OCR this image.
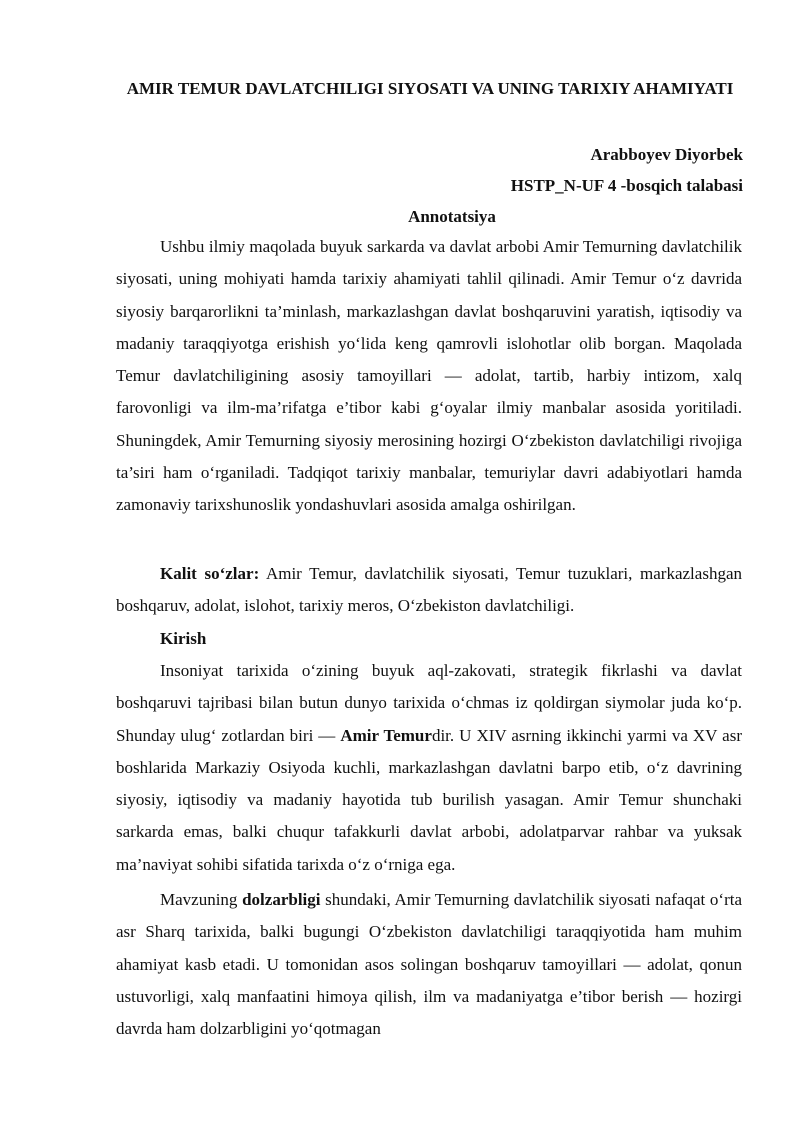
AMIR TEMUR DAVLATCHILIGI SIYOSATI VA UNING TARIXIY AHAMIYATI

Arabboyev Diyorbek

HSTP_N-UF 4 -bosqich talabasi

Annotatsiya

Ushbu ilmiy maqolada buyuk sarkarda va davlat arbobi Amir Temurning davlatchilik siyosati, uning mohiyati hamda tarixiy ahamiyati tahlil qilinadi. Amir Temur o‘z davrida siyosiy barqarorlikni ta’minlash, markazlashgan davlat boshqaruvini yaratish, iqtisodiy va madaniy taraqqiyotga erishish yo‘lida keng qamrovli islohotlar olib borgan. Maqolada Temur davlatchiligining asosiy tamoyillari — adolat, tartib, harbiy intizom, xalq farovonligi va ilm-ma’rifatga e’tibor kabi g‘oyalar ilmiy manbalar asosida yoritiladi. Shuningdek, Amir Temurning siyosiy merosining hozirgi O‘zbekiston davlatchiligi rivojiga ta’siri ham o‘rganiladi. Tadqiqot tarixiy manbalar, temuriylar davri adabiyotlari hamda zamonaviy tarixshunoslik yondashuvlari asosida amalga oshirilgan.

Kalit so‘zlar: Amir Temur, davlatchilik siyosati, Temur tuzuklari, markazlashgan boshqaruv, adolat, islohot, tarixiy meros, O‘zbekiston davlatchiligi.

Kirish

Insoniyat tarixida o‘zining buyuk aql-zakovati, strategik fikrlashi va davlat boshqaruvi tajribasi bilan butun dunyo tarixida o‘chmas iz qoldirgan siymolar juda ko‘p. Shunday ulug‘ zotlardan biri — Amir Temurdir. U XIV asrning ikkinchi yarmi va XV asr boshlarida Markaziy Osiyoda kuchli, markazlashgan davlatni barpo etib, o‘z davrining siyosiy, iqtisodiy va madaniy hayotida tub burilish yasagan. Amir Temur shunchaki sarkarda emas, balki chuqur tafakkurli davlat arbobi, adolatparvar rahbar va yuksak ma’naviyat sohibi sifatida tarixda o‘z o‘rniga ega.

Mavzuning dolzarbligi shundaki, Amir Temurning davlatchilik siyosati nafaqat o‘rta asr Sharq tarixida, balki bugungi O‘zbekiston davlatchiligi taraqqiyotida ham muhim ahamiyat kasb etadi. U tomonidan asos solingan boshqaruv tamoyillari — adolat, qonun ustuvorligi, xalq manfaatini himoya qilish, ilm va madaniyatga e’tibor berish — hozirgi davrda ham dolzarbligini yo‘qotmagan
